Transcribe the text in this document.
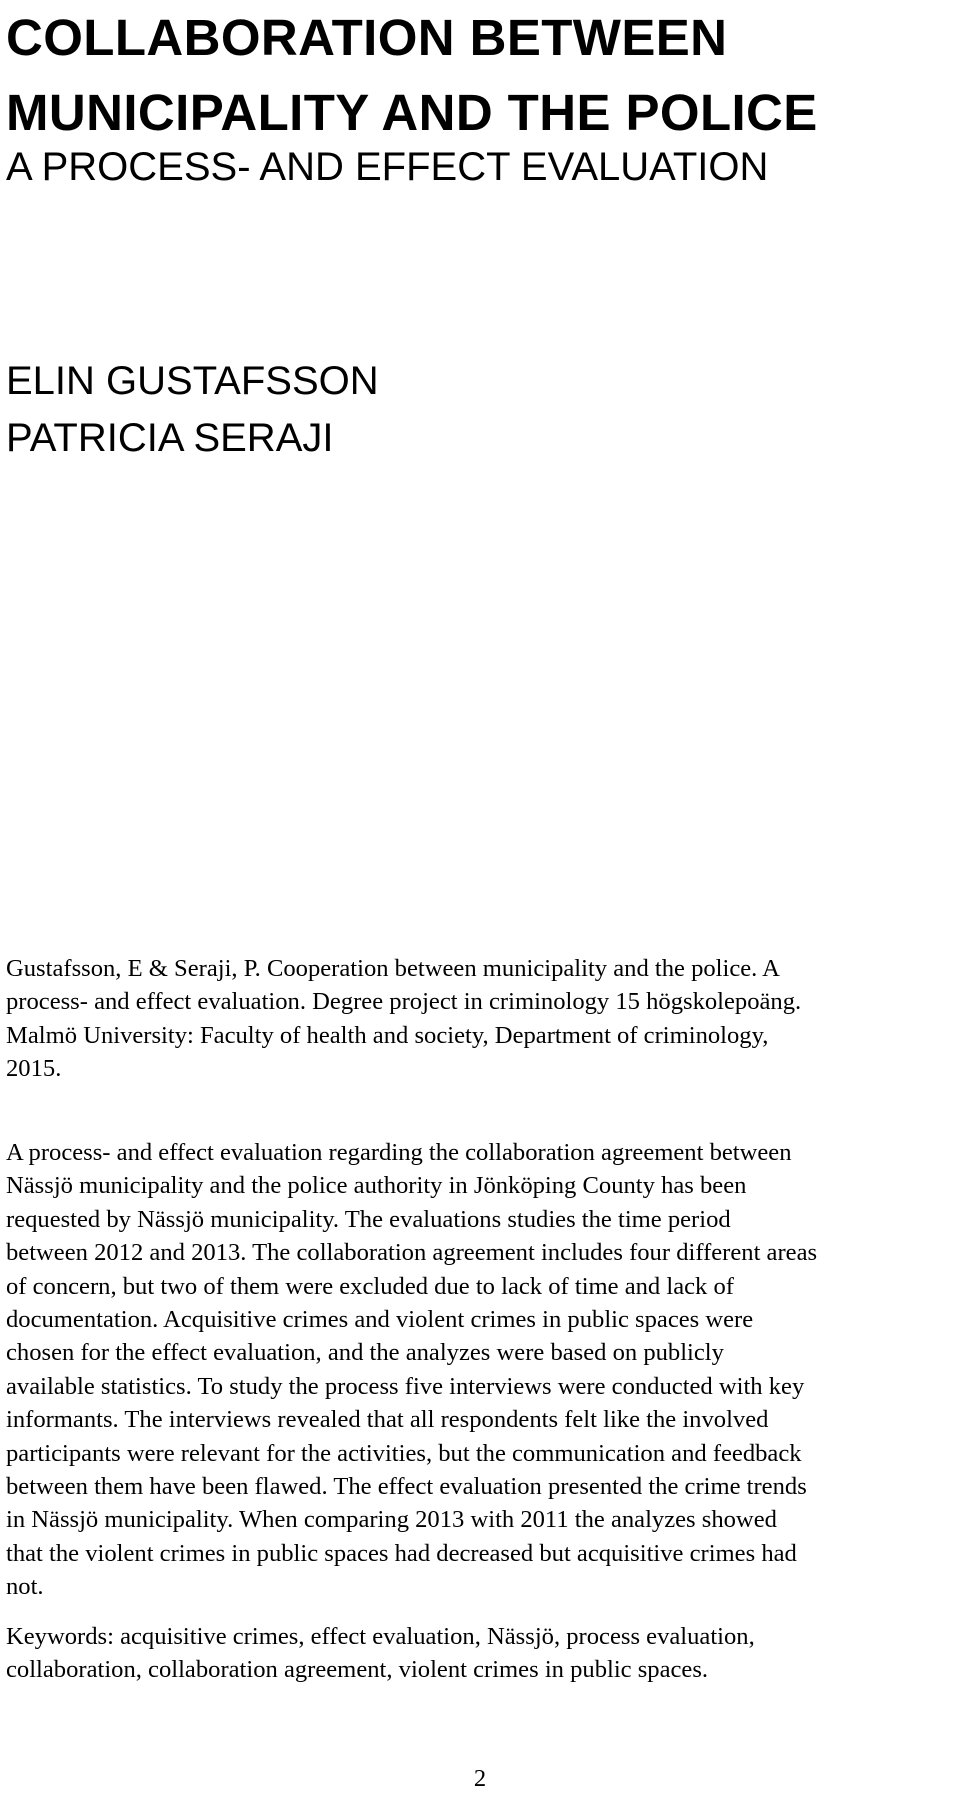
COLLABORATION BETWEEN
MUNICIPALITY AND THE POLICE
A PROCESS- AND EFFECT EVALUATION
ELIN GUSTAFSSON
PATRICIA SERAJI

Gustafsson, E & Seraji, P. Cooperation between municipality and the police. A
process- and effect evaluation. Degree project in criminology 15 högskolepoäng.
Malmö University: Faculty of health and society, Department of criminology,
2015.

A process- and effect evaluation regarding the collaboration agreement between
Nässjö municipality and the police authority in Jönköping County has been
requested by Nässjö municipality. The evaluations studies the time period
between 2012 and 2013. The collaboration agreement includes four different areas
of concern, but two of them were excluded due to lack of time and lack of
documentation. Acquisitive crimes and violent crimes in public spaces were
chosen for the effect evaluation, and the analyzes were based on publicly
available statistics. To study the process five interviews were conducted with key
informants. The interviews revealed that all respondents felt like the involved
participants were relevant for the activities, but the communication and feedback
between them have been flawed. The effect evaluation presented the crime trends
in Nässjö municipality. When comparing 2013 with 2011 the analyzes showed
that the violent crimes in public spaces had decreased but acquisitive crimes had
not.

Keywords: acquisitive crimes, effect evaluation, Nässjö, process evaluation,
collaboration, collaboration agreement, violent crimes in public spaces.

2
